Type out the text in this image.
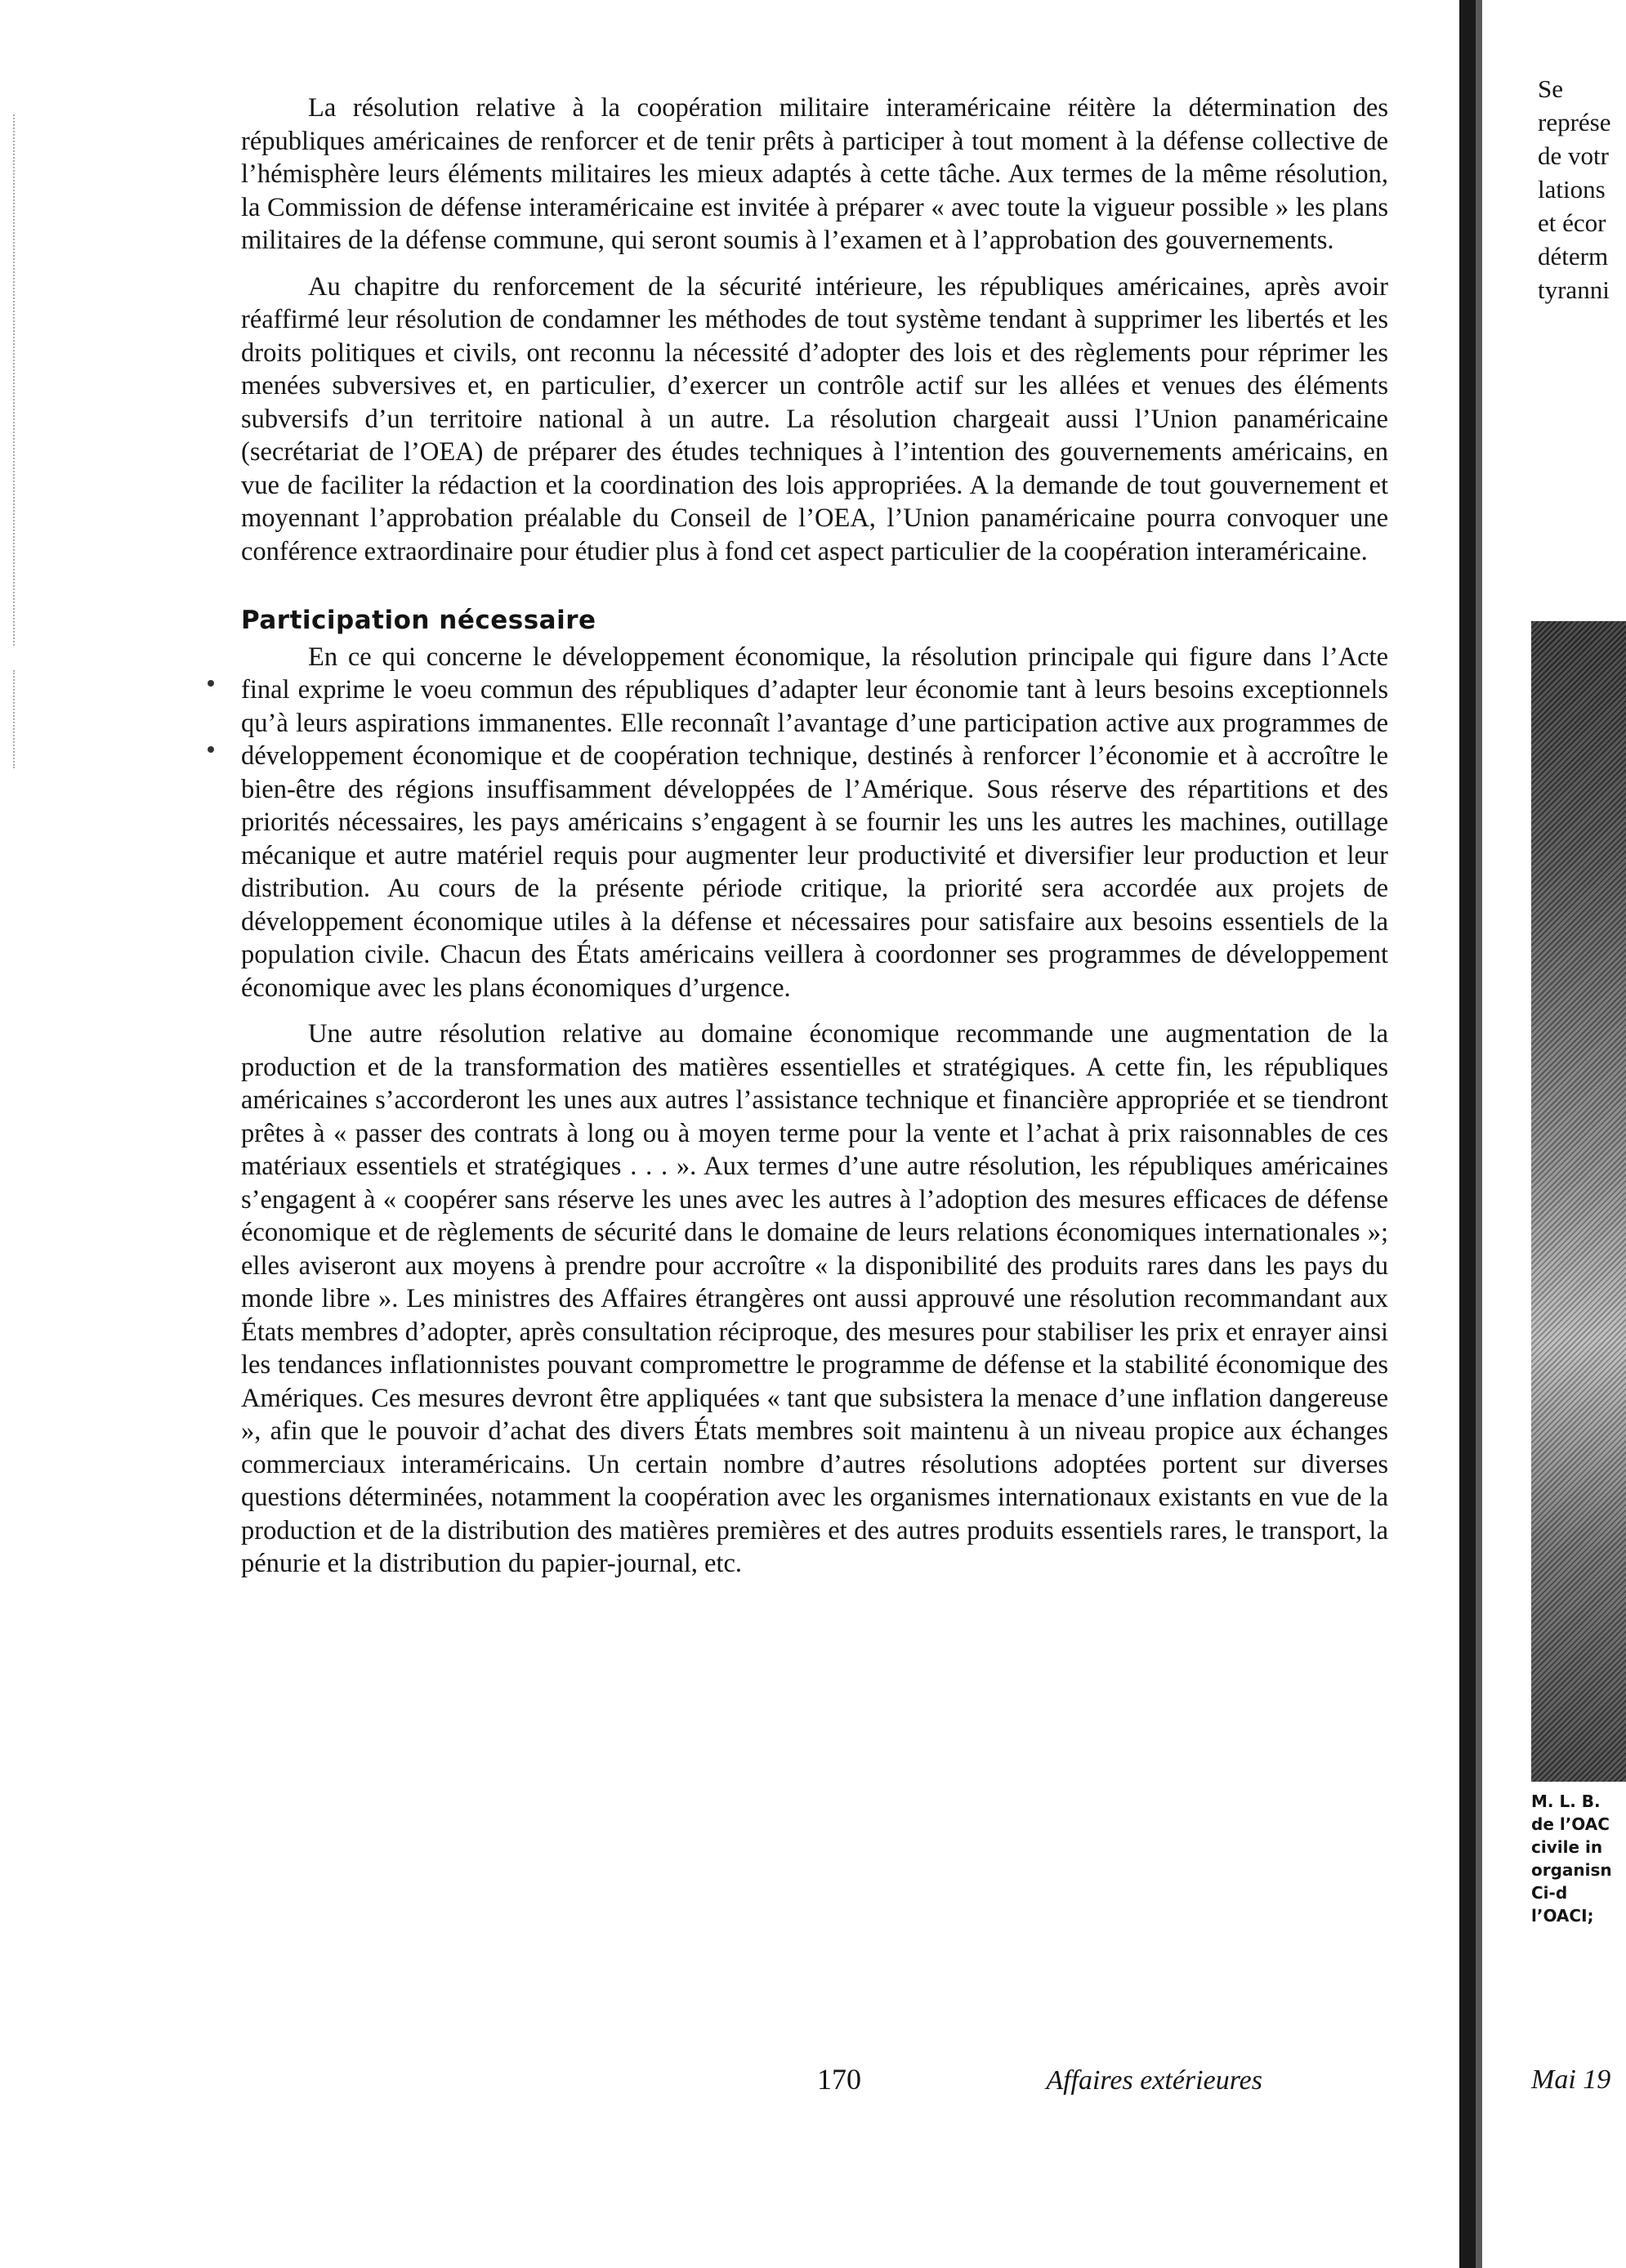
La résolution relative à la coopération militaire interaméricaine réitère la détermination des républiques américaines de renforcer et de tenir prêts à participer à tout moment à la défense collective de l’hémisphère leurs éléments militaires les mieux adaptés à cette tâche. Aux termes de la même résolution, la Commission de défense interaméricaine est invitée à préparer « avec toute la vigueur possible » les plans militaires de la défense commune, qui seront soumis à l’examen et à l’approbation des gouvernements.

Au chapitre du renforcement de la sécurité intérieure, les républiques américaines, après avoir réaffirmé leur résolution de condamner les méthodes de tout système tendant à supprimer les libertés et les droits politiques et civils, ont reconnu la nécessité d’adopter des lois et des règlements pour réprimer les menées subversives et, en particulier, d’exercer un contrôle actif sur les allées et venues des éléments subversifs d’un territoire national à un autre. La résolution chargeait aussi l’Union panaméricaine (secrétariat de l’OEA) de préparer des études techniques à l’intention des gouvernements américains, en vue de faciliter la rédaction et la coordination des lois appropriées. A la demande de tout gouvernement et moyennant l’approbation préalable du Conseil de l’OEA, l’Union panaméricaine pourra convoquer une conférence extraordinaire pour étudier plus à fond cet aspect particulier de la coopération interaméricaine.

Participation nécessaire

En ce qui concerne le développement économique, la résolution principale qui figure dans l’Acte final exprime le voeu commun des républiques d’adapter leur économie tant à leurs besoins exceptionnels qu’à leurs aspirations immanentes. Elle reconnaît l’avantage d’une participation active aux programmes de développement économique et de coopération technique, destinés à renforcer l’économie et à accroître le bien-être des régions insuffisamment développées de l’Amérique. Sous réserve des répartitions et des priorités nécessaires, les pays américains s’engagent à se fournir les uns les autres les machines, outillage mécanique et autre matériel requis pour augmenter leur productivité et diversifier leur production et leur distribution. Au cours de la présente période critique, la priorité sera accordée aux projets de développement économique utiles à la défense et nécessaires pour satisfaire aux besoins essentiels de la population civile. Chacun des États américains veillera à coordonner ses programmes de développement économique avec les plans économiques d’urgence.

Une autre résolution relative au domaine économique recommande une augmentation de la production et de la transformation des matières essentielles et stratégiques. A cette fin, les républiques américaines s’accorderont les unes aux autres l’assistance technique et financière appropriée et se tiendront prêtes à « passer des contrats à long ou à moyen terme pour la vente et l’achat à prix raisonnables de ces matériaux essentiels et stratégiques . . . ». Aux termes d’une autre résolution, les républiques américaines s’engagent à « coopérer sans réserve les unes avec les autres à l’adoption des mesures efficaces de défense économique et de règlements de sécurité dans le domaine de leurs relations économiques internationales »; elles aviseront aux moyens à prendre pour accroître « la disponibilité des produits rares dans les pays du monde libre ». Les ministres des Affaires étrangères ont aussi approuvé une résolution recommandant aux États membres d’adopter, après consultation réciproque, des mesures pour stabiliser les prix et enrayer ainsi les tendances inflationnistes pouvant compromettre le programme de défense et la stabilité économique des Amériques. Ces mesures devront être appliquées « tant que subsistera la menace d’une inflation dangereuse », afin que le pouvoir d’achat des divers États membres soit maintenu à un niveau propice aux échanges commerciaux interaméricains. Un certain nombre d’autres résolutions adoptées portent sur diverses questions déterminées, notamment la coopération avec les organismes internationaux existants en vue de la production et de la distribution des matières premières et des autres produits essentiels rares, le transport, la pénurie et la distribution du papier-journal, etc.

170	Affaires extérieures
Se
représe
de votr
lations
et écor
déterm
tyranni
M. L. B.
de l’OAC
civile in
organisn
Ci-d
l’OACI;
Mai 19
